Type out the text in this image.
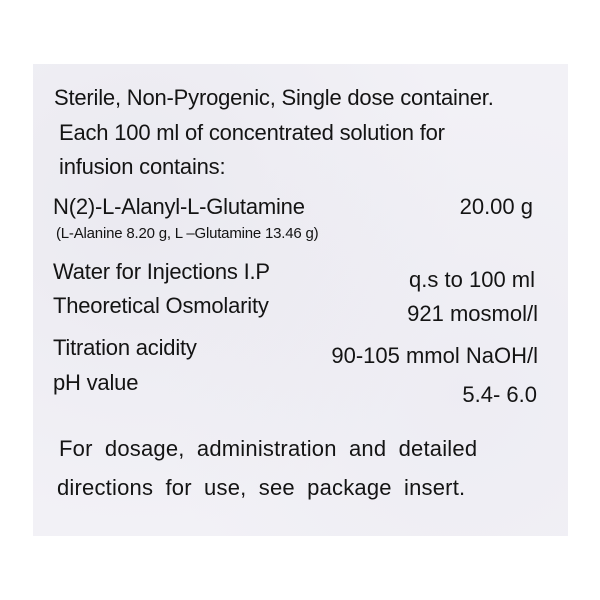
Sterile, Non-Pyrogenic, Single dose container.
Each 100 ml of concentrated solution for
infusion contains:
N(2)-L-Alanyl-L-Glutamine	20.00 g
(L-Alanine 8.20 g, L –Glutamine 13.46 g)
Water for Injections I.P	q.s to 100 ml
Theoretical Osmolarity	921 mosmol/l
Titration acidity	90-105 mmol NaOH/l
pH value	5.4- 6.0
For dosage, administration and detailed
directions for use, see package insert.
